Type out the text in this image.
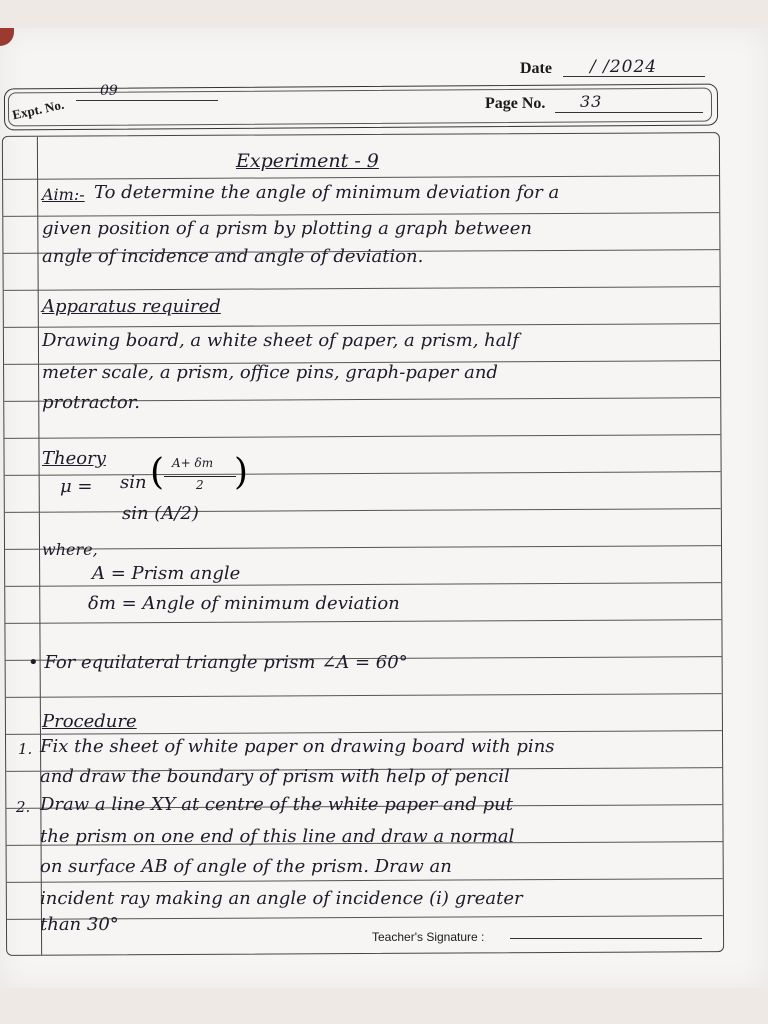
Date / /2024
Expt. No.
09
Page No. 33
Experiment - 9
Aim:- To determine the angle of minimum deviation for a
given position of a prism by plotting a graph between
angle of incidence and angle of deviation.
Apparatus required
Drawing board, a white sheet of paper, a prism, half
meter scale, a prism, office pins, graph-paper and
protractor.
Theory
μ = sin ( A+ δm
2 )
sin (A/2)
where,
A = Prism angle
δm = Angle of minimum deviation
• For equilateral triangle prism ∠A = 60°
Procedure
1. Fix the sheet of white paper on drawing board with pins
and draw the boundary of prism with help of pencil
2. Draw a line XY at centre of the white paper and put
the prism on one end of this line and draw a normal
on surface AB of angle of the prism. Draw an
incident ray making an angle of incidence (i) greater
than 30°
Teacher's Signature :
